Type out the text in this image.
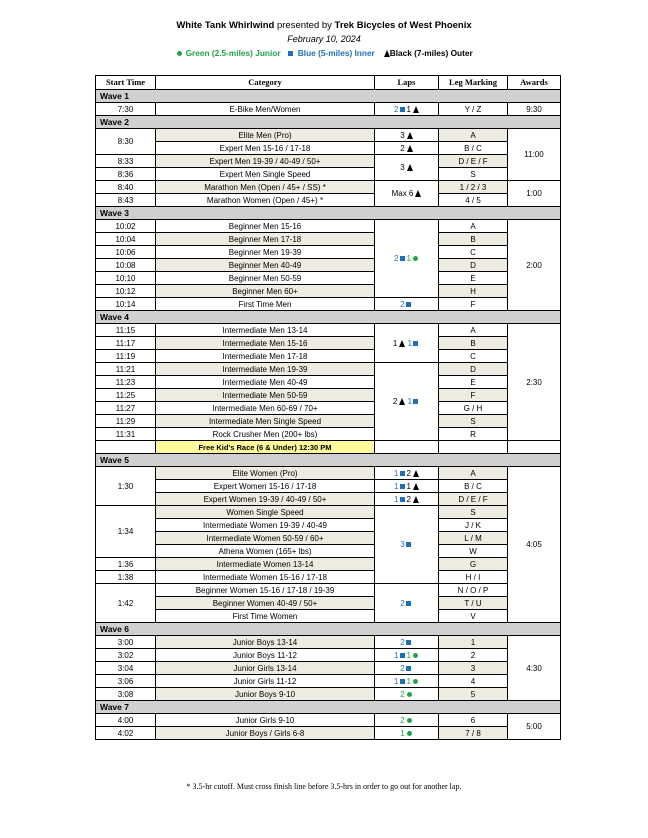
White Tank Whirlwind presented by Trek Bicycles of West Phoenix
February 10, 2024
Green (2.5-miles) Junior Blue (5-miles) Inner Black (7-miles) Outer
Start Time	Category	Laps	Leg Marking	Awards
Wave 1				
7:30	E-Bike Men/Women	2 1	Y / Z	9:30
Wave 2				
8:30	Elite Men (Pro)	3	A	11:00
	Expert Men 15-16 / 17-18	2	B / C	
8:33	Expert Men 19-39 / 40-49 / 50+	3	D / E / F	
8:36	Expert Men Single Speed		S	
8:40	Marathon Men (Open / 45+ / SS) *	Max 6	1 / 2 / 3	1:00
8:43	Marathon Women (Open / 45+) *		4 / 5	
Wave 3				
10:02	Beginner Men 15-16	2 1	A	2:00
10:04	Beginner Men 17-18		B	
10:06	Beginner Men 19-39		C	
10:08	Beginner Men 40-49		D	
10:10	Beginner Men 50-59		E	
10:12	Beginner Men 60+		H	
10:14	First Time Men	2	F	
Wave 4				
11:15	Intermediate Men 13-14	1 1	A	2:30
11:17	Intermediate Men 15-16		B	
11:19	Intermediate Men 17-18		C	
11:21	Intermediate Men 19-39	2 1	D	
11:23	Intermediate Men 40-49		E	
11:25	Intermediate Men 50-59		F	
11:27	Intermediate Men 60-69 / 70+		G / H	
11:29	Intermediate Men Single Speed		S	
11:31	Rock Crusher Men (200+ lbs)		R	
	Free Kid's Race (6 & Under) 12:30 PM			
Wave 5				
1:30	Elite Women (Pro)	1 2	A	4:05
	Expert Women 15-16 / 17-18	1 1	B / C	
	Expert Women 19-39 / 40-49 / 50+	1 2	D / E / F	
1:34	Women Single Speed	3	S	
	Intermediate Women 19-39 / 40-49		J / K	
	Intermediate Women 50-59 / 60+		L / M	
	Athena Women (165+ lbs)		W	
1:36	Intermediate Women 13-14		G	
1:38	Intermediate Women 15-16 / 17-18		H / I	
1:42	Beginner Women 15-16 / 17-18 / 19-39	2	N / O / P	
	Beginner Women 40-49 / 50+		T / U	
	First Time Women		V	
Wave 6				
3:00	Junior Boys 13-14	2	1	4:30
3:02	Junior Boys 11-12	1 1	2	
3:04	Junior Girls 13-14	2	3	
3:06	Junior Girls 11-12	1 1	4	
3:08	Junior Boys 9-10	2	5	
Wave 7				
4:00	Junior Girls 9-10	2	6	5:00
4:02	Junior Boys / Girls 6-8	1	7 / 8	
* 3.5-hr cutoff. Must cross finish line before 3.5-hrs in order to go out for another lap.
